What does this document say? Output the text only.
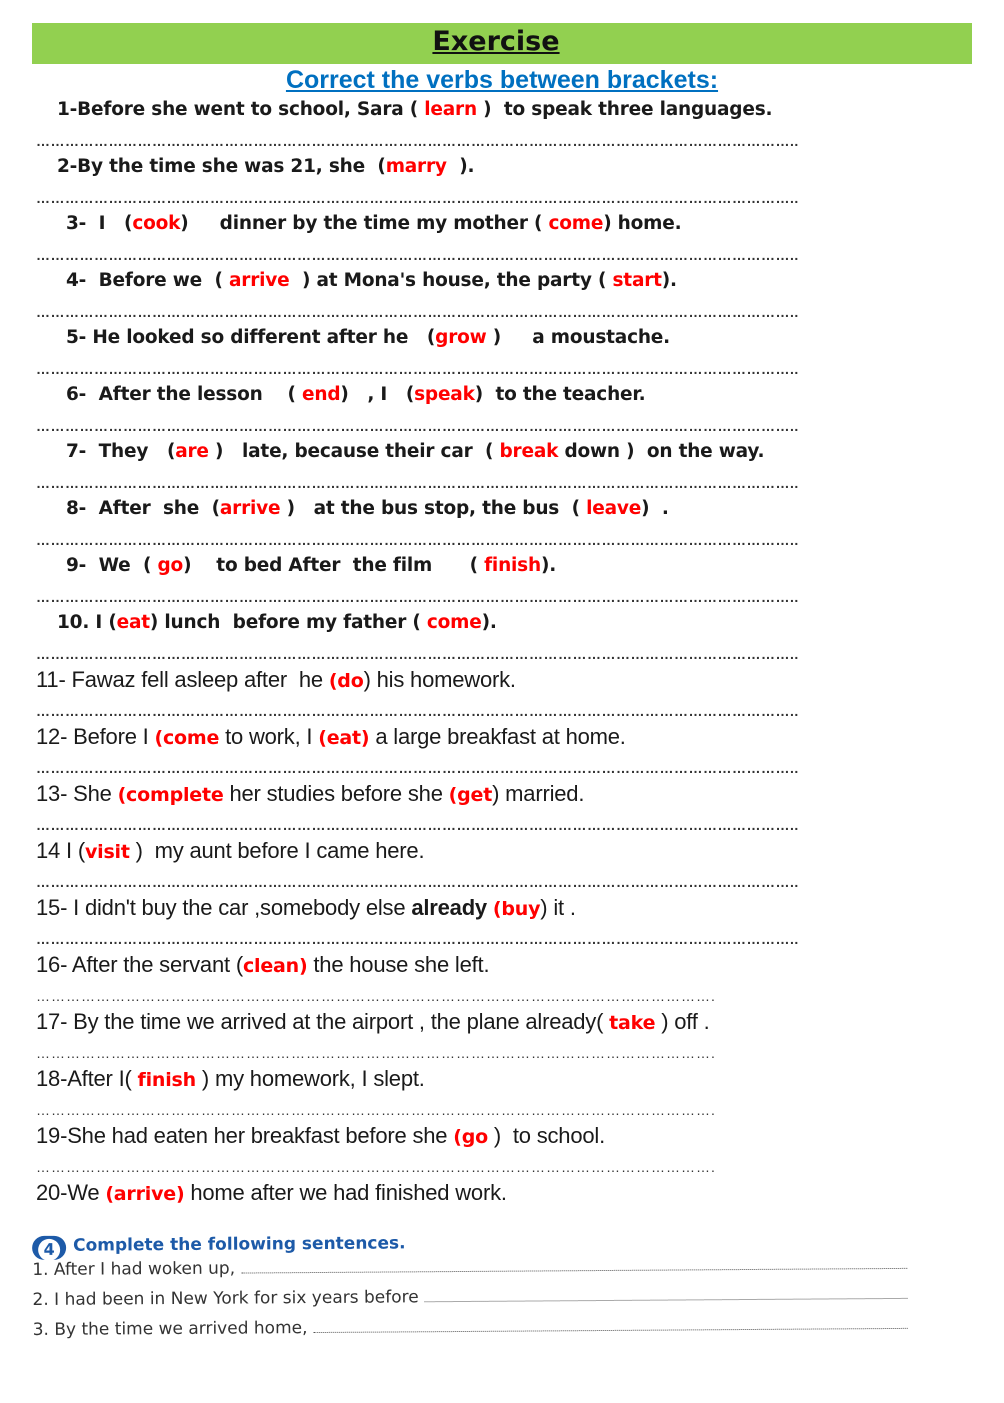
Exercise
Correct the verbs between brackets:
1-Before she went to school, Sara ( learn )  to speak three languages.
…………………………………………………………………………………………………………………………………………..
2-By the time she was 21, she  (marry  ).
…………………………………………………………………………………………………………………………………………..
3-  I   (cook)     dinner by the time my mother ( come) home.
…………………………………………………………………………………………………………………………………………..
4-  Before we  ( arrive  ) at Mona's house, the party ( start).
…………………………………………………………………………………………………………………………………………..
5- He looked so different after he   (grow )     a moustache.
…………………………………………………………………………………………………………………………………………..
6-  After the lesson    ( end)   , I   (speak)  to the teacher.
…………………………………………………………………………………………………………………………………………..
7-  They   (are )   late, because their car  ( break down )  on the way.
…………………………………………………………………………………………………………………………………………..
8-  After  she  (arrive )   at the bus stop, the bus  ( leave)  .
…………………………………………………………………………………………………………………………………………..
9-  We  ( go)    to bed After  the film      ( finish).
…………………………………………………………………………………………………………………………………………..
10. I (eat) lunch  before my father ( come).
…………………………………………………………………………………………………………………………………………..
11- Fawaz fell asleep after  he (do) his homework.
…………………………………………………………………………………………………………………………………………..
12- Before I (come to work, I (eat) a large breakfast at home.
…………………………………………………………………………………………………………………………………………..
13- She (complete her studies before she (get) married.
…………………………………………………………………………………………………………………………………………..
14 I (visit )  my aunt before I came here.
…………………………………………………………………………………………………………………………………………..
15- I didn't buy the car ,somebody else already (buy) it .
…………………………………………………………………………………………………………………………………………..
16- After the servant (clean) the house she left.
……………………………………………………………………………………………………………………….
17- By the time we arrived at the airport , the plane already( take ) off .
……………………………………………………………………………………………………………………….
18-After I( finish ) my homework, I slept.
……………………………………………………………………………………………………………………….
19-She had eaten her breakfast before she (go )  to school.
……………………………………………………………………………………………………………………….
20-We (arrive) home after we had finished work.
4	Complete the following sentences.
1. After I had woken up,
2. I had been in New York for six years before
3. By the time we arrived home,
